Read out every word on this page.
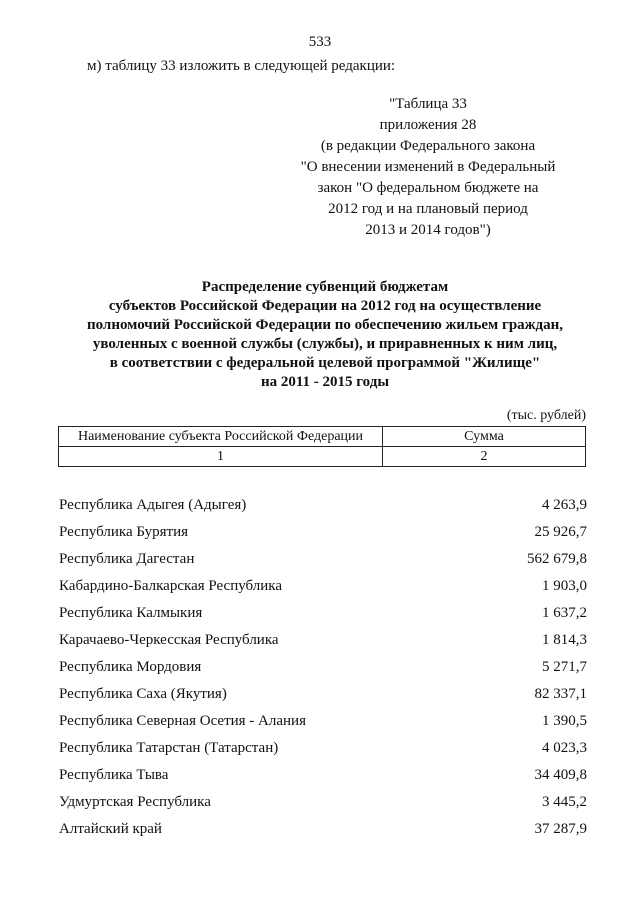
533
м) таблицу 33 изложить в следующей редакции:
"Таблица 33
приложения 28
(в редакции Федерального закона
"О внесении изменений в Федеральный
закон "О федеральном бюджете на
2012 год и на плановый период
2013 и 2014 годов")
Распределение субвенций бюджетам
субъектов Российской Федерации на 2012 год на осуществление
полномочий Российской Федерации по обеспечению жильем граждан,
уволенных с военной службы (службы), и приравненных к ним лиц,
в соответствии с федеральной целевой программой "Жилище"
на 2011 - 2015 годы
(тыс. рублей)
Наименование субъекта Российской Федерации	Сумма
1	2
Республика Адыгея (Адыгея)	4 263,9
Республика Бурятия	25 926,7
Республика Дагестан	562 679,8
Кабардино-Балкарская Республика	1 903,0
Республика Калмыкия	1 637,2
Карачаево-Черкесская Республика	1 814,3
Республика Мордовия	5 271,7
Республика Саха (Якутия)	82 337,1
Республика Северная Осетия - Алания	1 390,5
Республика Татарстан (Татарстан)	4 023,3
Республика Тыва	34 409,8
Удмуртская Республика	3 445,2
Алтайский край	37 287,9
